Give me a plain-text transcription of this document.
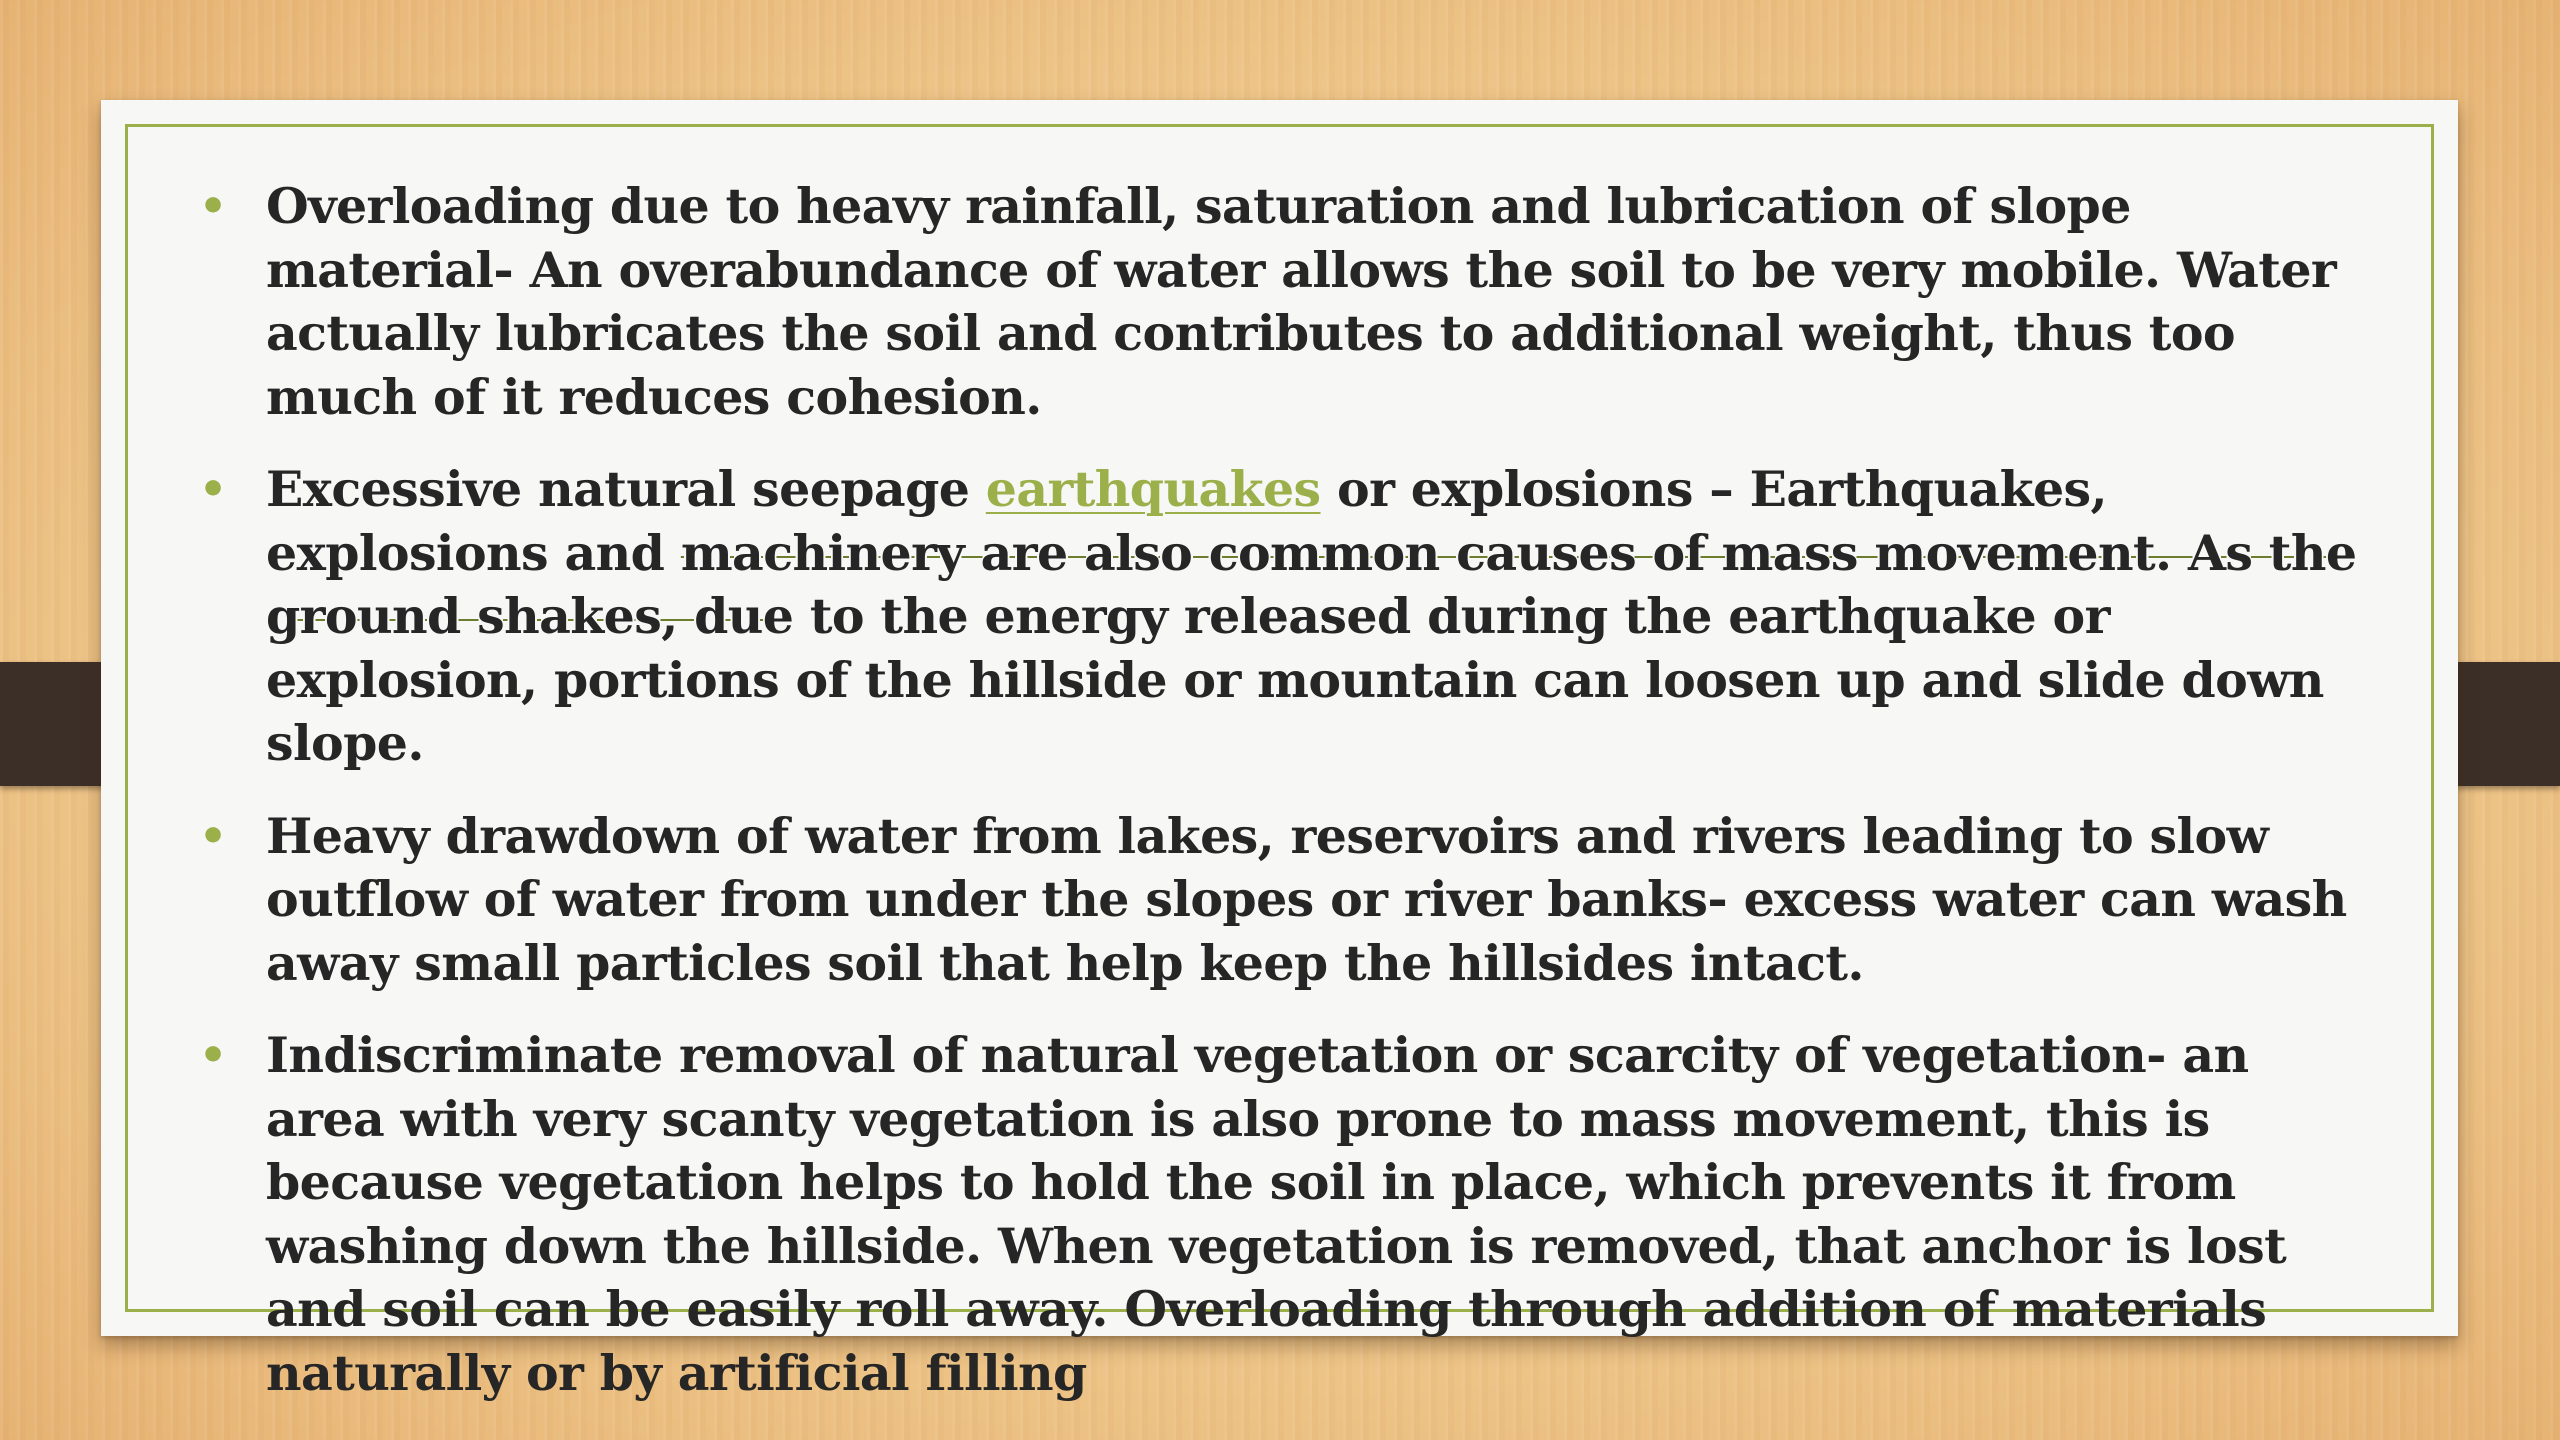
• Overloading due to heavy rainfall, saturation and lubrication of slope material- An overabundance of water allows the soil to be very mobile. Water actually lubricates the soil and contributes to additional weight, thus too much of it reduces cohesion.
• Excessive natural seepage earthquakes or explosions – Earthquakes, explosions and machinery are also common causes of mass movement. As the ground shakes, due to the energy released during the earthquake or explosion, portions of the hillside or mountain can loosen up and slide down slope.
• Heavy drawdown of water from lakes, reservoirs and rivers leading to slow outflow of water from under the slopes or river banks- excess water can wash away small particles soil that help keep the hillsides intact.
• Indiscriminate removal of natural vegetation or scarcity of vegetation- an area with very scanty vegetation is also prone to mass movement, this is because vegetation helps to hold the soil in place, which prevents it from washing down the hillside. When vegetation is removed, that anchor is lost and soil can be easily roll away. Overloading through addition of materials naturally or by artificial filling
